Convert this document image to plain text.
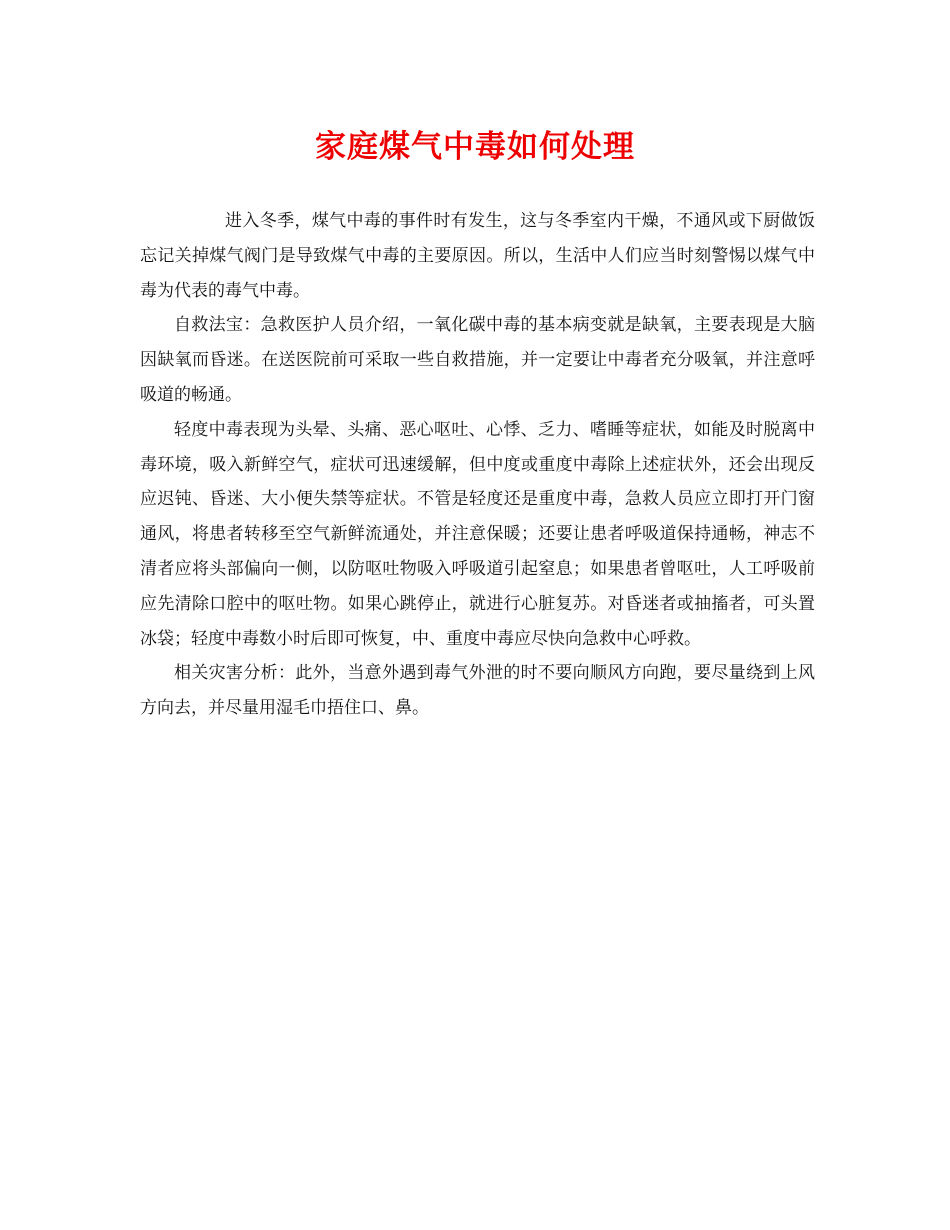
家庭煤气中毒如何处理

进入冬季，煤气中毒的事件时有发生，这与冬季室内干燥，不通风或下厨做饭忘记关掉煤气阀门是导致煤气中毒的主要原因。所以，生活中人们应当时刻警惕以煤气中毒为代表的毒气中毒。

自救法宝：急救医护人员介绍，一氧化碳中毒的基本病变就是缺氧，主要表现是大脑因缺氧而昏迷。在送医院前可采取一些自救措施，并一定要让中毒者充分吸氧，并注意呼吸道的畅通。

轻度中毒表现为头晕、头痛、恶心呕吐、心悸、乏力、嗜睡等症状，如能及时脱离中毒环境，吸入新鲜空气，症状可迅速缓解，但中度或重度中毒除上述症状外，还会出现反应迟钝、昏迷、大小便失禁等症状。不管是轻度还是重度中毒，急救人员应立即打开门窗通风，将患者转移至空气新鲜流通处，并注意保暖；还要让患者呼吸道保持通畅，神志不清者应将头部偏向一侧，以防呕吐物吸入呼吸道引起窒息；如果患者曾呕吐，人工呼吸前应先清除口腔中的呕吐物。如果心跳停止，就进行心脏复苏。对昏迷者或抽搐者，可头置冰袋；轻度中毒数小时后即可恢复，中、重度中毒应尽快向急救中心呼救。

相关灾害分析：此外，当意外遇到毒气外泄的时不要向顺风方向跑，要尽量绕到上风方向去，并尽量用湿毛巾捂住口、鼻。
